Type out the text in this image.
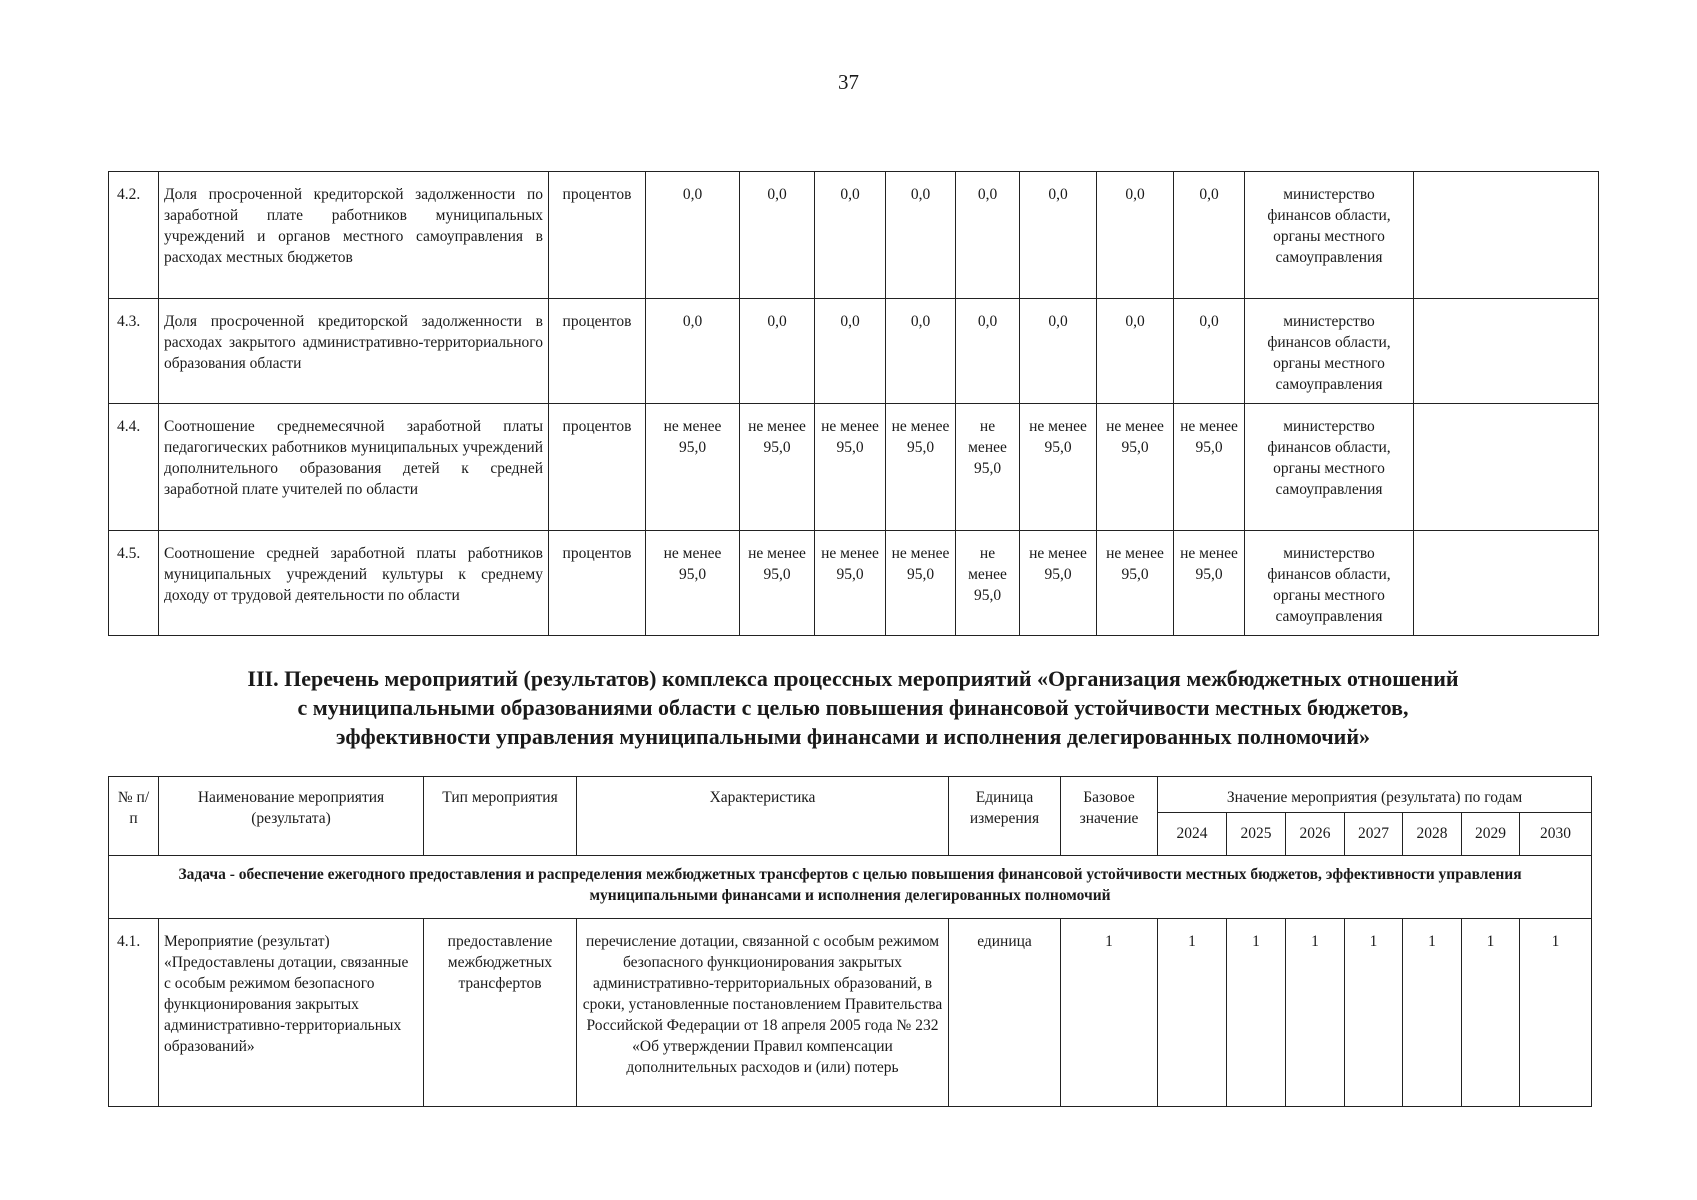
37
4.2.	Доля просроченной кредиторской задолженности по заработной плате работников муниципальных учреждений и органов местного самоуправления в расходах местных бюджетов	процентов	0,0	0,0	0,0	0,0	0,0	0,0	0,0	0,0	министерство финансов области, органы местного самоуправления	
4.3.	Доля просроченной кредиторской задолженности в расходах закрытого административно-территориального образования области	процентов	0,0	0,0	0,0	0,0	0,0	0,0	0,0	0,0	министерство финансов области, органы местного самоуправления	
4.4.	Соотношение среднемесячной заработной платы педагогических работников муниципальных учреждений дополнительного образования детей к средней заработной плате учителей по области	процентов	не менее 95,0	не менее 95,0	не менее 95,0	не менее 95,0	не менее 95,0	не менее 95,0	не менее 95,0	не менее 95,0	министерство финансов области, органы местного самоуправления	
4.5.	Соотношение средней заработной платы работников муниципальных учреждений культуры к среднему доходу от трудовой деятельности по области	процентов	не менее 95,0	не менее 95,0	не менее 95,0	не менее 95,0	не менее 95,0	не менее 95,0	не менее 95,0	не менее 95,0	министерство финансов области, органы местного самоуправления	
III. Перечень мероприятий (результатов) комплекса процессных мероприятий «Организация межбюджетных отношений
с муниципальными образованиями области с целью повышения финансовой устойчивости местных бюджетов,
эффективности управления муниципальными финансами и исполнения делегированных полномочий»
№ п/п	Наименование мероприятия (результата)	Тип мероприятия	Характеристика	Единица измерения	Базовое значение	Значение мероприятия (результата) по годам						
						2024	2025	2026	2027	2028	2029	2030
Задача - обеспечение ежегодного предоставления и распределения межбюджетных трансфертов с целью повышения финансовой устойчивости местных бюджетов, эффективности управления муниципальными финансами и исполнения делегированных полномочий												
4.1.	Мероприятие (результат) «Предоставлены дотации, связанные с особым режимом безопасного функционирования закрытых административно-территориальных образований»	предоставление межбюджетных трансфертов	перечисление дотации, связанной с особым режимом безопасного функционирования закрытых административно-территориальных образований, в сроки, установленные постановлением Правительства Российской Федерации от 18 апреля 2005 года № 232 «Об утверждении Правил компенсации дополнительных расходов и (или) потерь	единица	1	1	1	1	1	1	1	1
